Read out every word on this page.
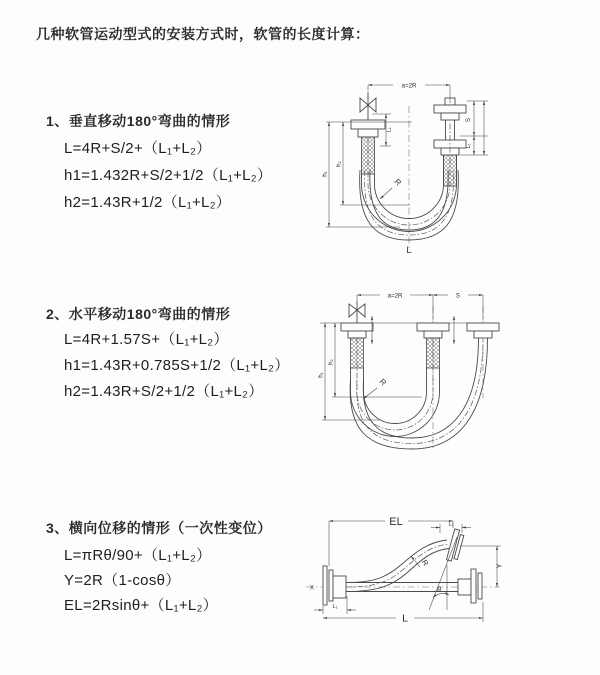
几种软管运动型式的安装方式时，软管的长度计算：
1、垂直移动180°弯曲的情形
L=4R+S/2+（L₁+L₂）
h1=1.432R+S/2+1/2（L₁+L₂）
h2=1.43R+1/2（L₁+L₂）
2、水平移动180°弯曲的情形
L=4R+1.57S+（L₁+L₂）
h1=1.43R+0.785S+1/2（L₁+L₂）
h2=1.43R+S/2+1/2（L₁+L₂）
3、横向位移的情形（一次性变位）
L=πRθ/90+（L₁+L₂）
Y=2R（1-cosθ）
EL=2Rsinθ+（L₁+L₂）
a=2R
S
L₁
L₁
h₁
h₂
R
L
a=2R	S
h₁
h₂
R
X
EL	L₁
Y
θ
R
L₁
L
